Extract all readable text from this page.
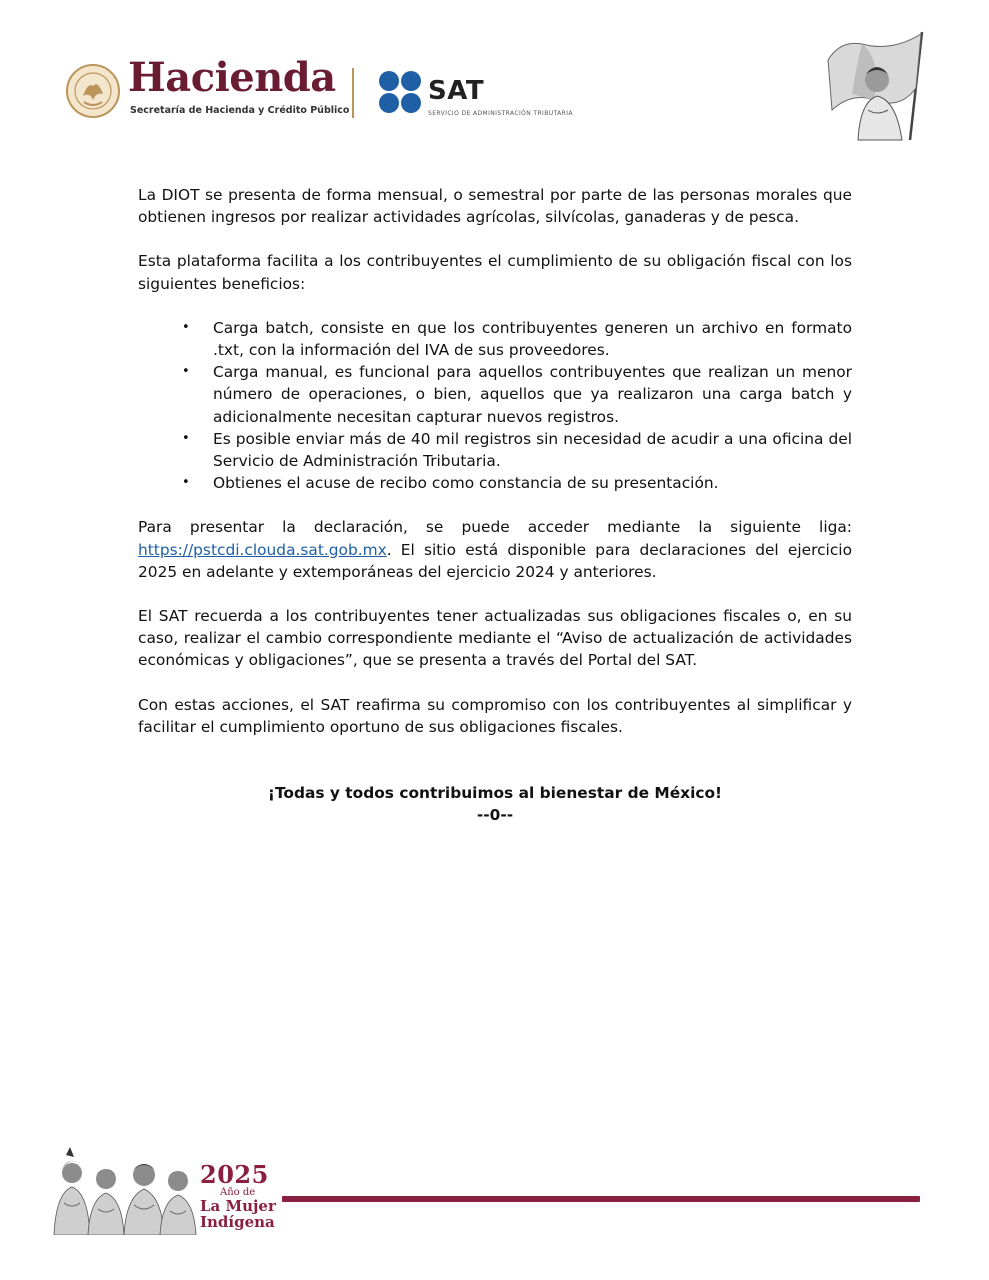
Hacienda
Secretaría de Hacienda y Crédito Público
SAT
SERVICIO DE ADMINISTRACIÓN TRIBUTARIA

La DIOT se presenta de forma mensual, o semestral por parte de las personas morales que obtienen ingresos por realizar actividades agrícolas, silvícolas, ganaderas y de pesca.

Esta plataforma facilita a los contribuyentes el cumplimiento de su obligación fiscal con los siguientes beneficios:

• Carga batch, consiste en que los contribuyentes generen un archivo en formato .txt, con la información del IVA de sus proveedores.
• Carga manual, es funcional para aquellos contribuyentes que realizan un menor número de operaciones, o bien, aquellos que ya realizaron una carga batch y adicionalmente necesitan capturar nuevos registros.
• Es posible enviar más de 40 mil registros sin necesidad de acudir a una oficina del Servicio de Administración Tributaria.
• Obtienes el acuse de recibo como constancia de su presentación.

Para presentar la declaración, se puede acceder mediante la siguiente liga: https://pstcdi.clouda.sat.gob.mx. El sitio está disponible para declaraciones del ejercicio 2025 en adelante y extemporáneas del ejercicio 2024 y anteriores.

El SAT recuerda a los contribuyentes tener actualizadas sus obligaciones fiscales o, en su caso, realizar el cambio correspondiente mediante el “Aviso de actualización de actividades económicas y obligaciones”, que se presenta a través del Portal del SAT.

Con estas acciones, el SAT reafirma su compromiso con los contribuyentes al simplificar y facilitar el cumplimiento oportuno de sus obligaciones fiscales.

¡Todas y todos contribuimos al bienestar de México!
--0--
2025
Año de
La Mujer
Indígena
